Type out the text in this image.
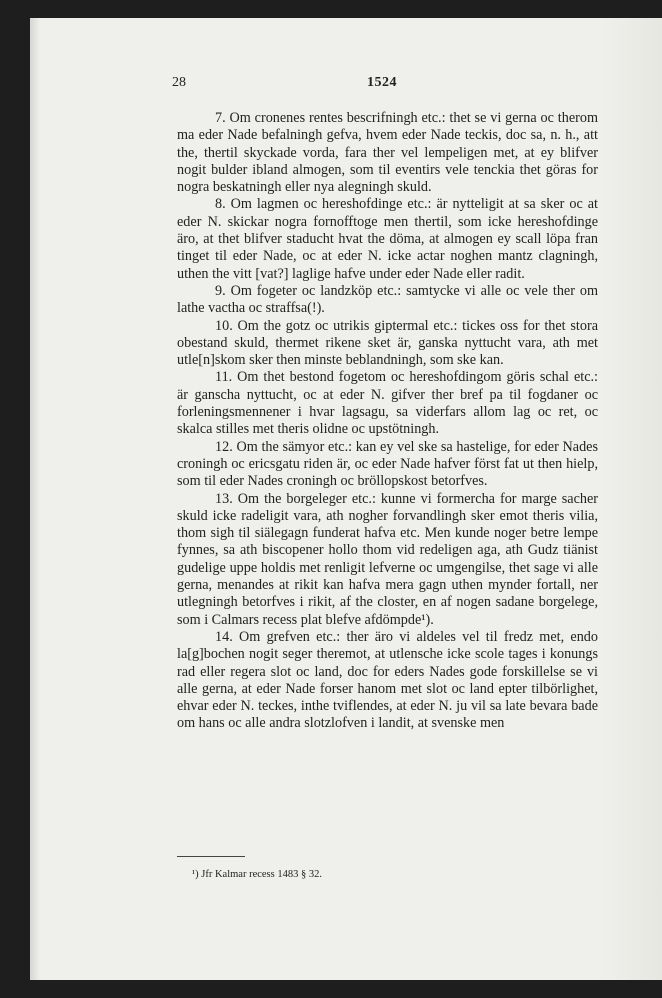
28	1524

7. Om cronenes rentes bescrifningh etc.: thet se vi gerna oc therom ma eder Nade befalningh gefva, hvem eder Nade teckis, doc sa, n. h., att the, thertil skyckade vorda, fara ther vel lempeligen met, at ey blifver nogit bulder ibland almogen, som til eventirs vele tenckia thet göras for nogra beskatningh eller nya alegningh skuld.

8. Om lagmen oc hereshofdinge etc.: är nytteligit at sa sker oc at eder N. skickar nogra fornofftoge men thertil, som icke hereshofdinge äro, at thet blifver staducht hvat the döma, at almogen ey scall löpa fran tinget til eder Nade, oc at eder N. icke actar noghen mantz clagningh, uthen the vitt [vat?] laglige hafve under eder Nade eller radit.

9. Om fogeter oc landzköp etc.: samtycke vi alle oc vele ther om lathe vactha oc straffsa(!).

10. Om the gotz oc utrikis giptermal etc.: tickes oss for thet stora obestand skuld, thermet rikene sket är, ganska nyttucht vara, ath met utle[n]skom sker then minste beblandningh, som ske kan.

11. Om thet bestond fogetom oc hereshofdingom göris schal etc.: är ganscha nyttucht, oc at eder N. gifver ther bref pa til fogdaner oc forleningsmennener i hvar lagsagu, sa viderfars allom lag oc ret, oc skalca stilles met theris olidne oc upstötningh.

12. Om the sämyor etc.: kan ey vel ske sa hastelige, for eder Nades croningh oc ericsgatu riden är, oc eder Nade hafver först fat ut then hielp, som til eder Nades croningh oc bröllopskost betorfves.

13. Om the borgeleger etc.: kunne vi formercha for marge sacher skuld icke radeligit vara, ath nogher forvandlingh sker emot theris vilia, thom sigh til siälegagn funderat hafva etc. Men kunde noger betre lempe fynnes, sa ath biscopener hollo thom vid redeligen aga, ath Gudz tiänist gudelige uppe holdis met renligit lefverne oc umgengilse, thet sage vi alle gerna, menandes at rikit kan hafva mera gagn uthen mynder fortall, ner utlegningh betorfves i rikit, af the closter, en af nogen sadane borgelege, som i Calmars recess plat blefve afdömpde¹).

14. Om grefven etc.: ther äro vi aldeles vel til fredz met, endo la[g]bochen nogit seger theremot, at utlensche icke scole tages i konungs rad eller regera slot oc land, doc for eders Nades gode forskillelse se vi alle gerna, at eder Nade forser hanom met slot oc land epter tilbörlighet, ehvar eder N. teckes, inthe tviflendes, at eder N. ju vil sa late bevara bade om hans oc alle andra slotzlofven i landit, at svenske men

¹) Jfr Kalmar recess 1483 § 32.
